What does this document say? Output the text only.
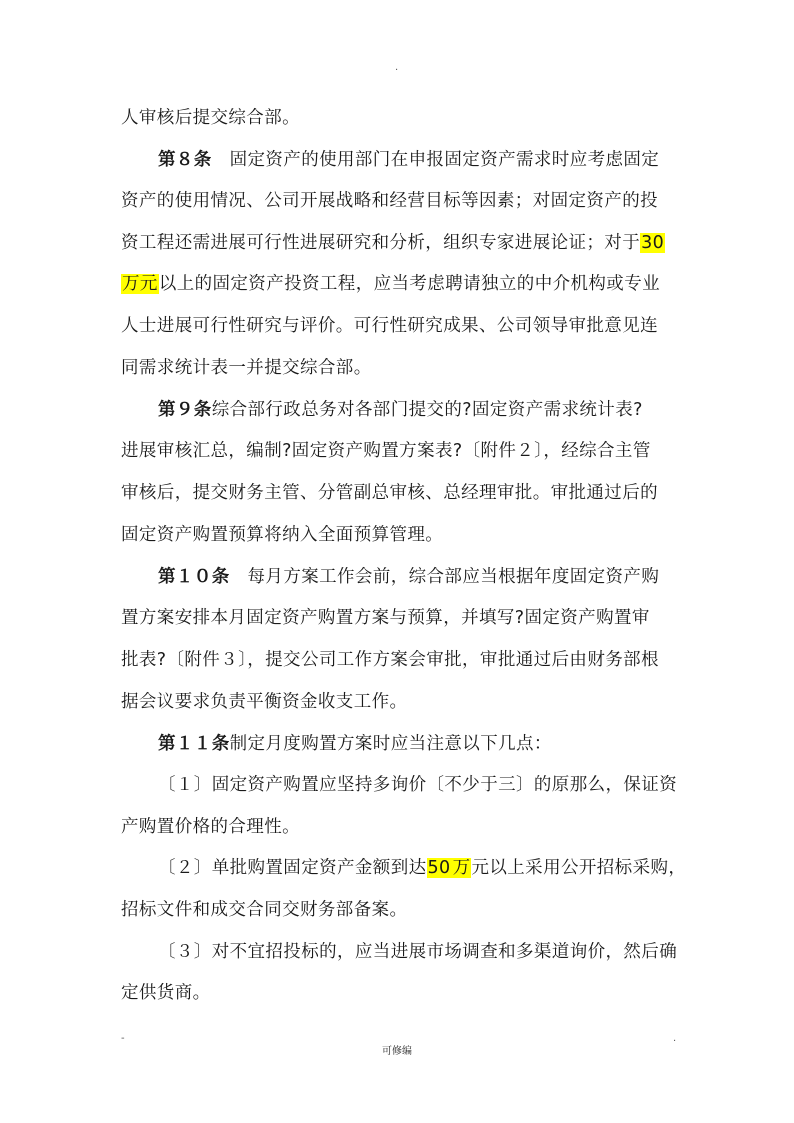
·
人审核后提交综合部。
第８条　 固定资产的使用部门在申报固定资产需求时应考虑固定
资产的使用情况、公司开展战略和经营目标等因素；对固定资产的投
资工程还需进展可行性进展研究和分析，组织专家进展论证；对于30
万元以上的固定资产投资工程，应当考虑聘请独立的中介机构或专业
人士进展可行性研究与评价。可行性研究成果、公司领导审批意见连
同需求统计表一并提交综合部。
第９条综合部行政总务对各部门提交的?固定资产需求统计表?
进展审核汇总，编制?固定资产购置方案表?〔附件２〕，经综合主管
审核后，提交财务主管、分管副总审核、总经理审批。审批通过后的
固定资产购置预算将纳入全面预算管理。
第１０条　 每月方案工作会前，综合部应当根据年度固定资产购
置方案安排本月固定资产购置方案与预算，并填写?固定资产购置审
批表?〔附件３〕，提交公司工作方案会审批，审批通过后由财务部根
据会议要求负责平衡资金收支工作。
第１１条制定月度购置方案时应当注意以下几点：
〔１〕固定资产购置应坚持多询价〔不少于三〕的原那么，保证资
产购置价格的合理性。
〔２〕单批购置固定资产金额到达50 万元以上采用公开招标采购，
招标文件和成交合同交财务部备案。
〔３〕对不宜招投标的，应当进展市场调查和多渠道询价，然后确
定供货商。
-	.
可修编
